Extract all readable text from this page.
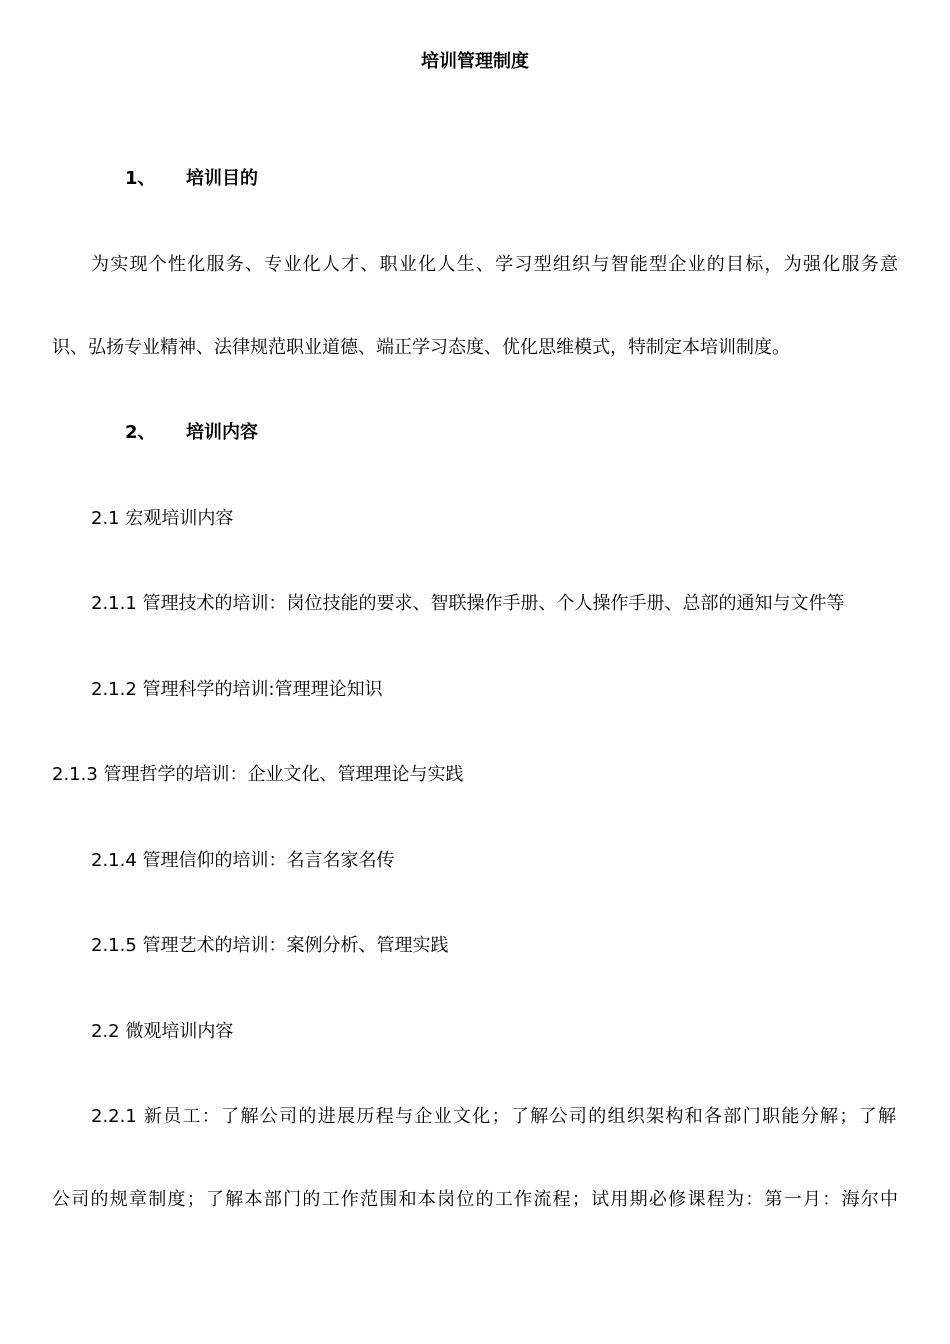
培训管理制度
1、 培训目的
为实现个性化服务、专业化人才、职业化人生、学习型组织与智能型企业的目标，为强化服务意
识、弘扬专业精神、法律规范职业道德、端正学习态度、优化思维模式，特制定本培训制度。
2、 培训内容
2.1 宏观培训内容
2.1.1 管理技术的培训：岗位技能的要求、智联操作手册、个人操作手册、总部的通知与文件等
2.1.2 管理科学的培训:管理理论知识
2.1.3 管理哲学的培训：企业文化、管理理论与实践
2.1.4 管理信仰的培训：名言名家名传
2.1.5 管理艺术的培训：案例分析、管理实践
2.2 微观培训内容
2.2.1 新员工：了解公司的进展历程与企业文化；了解公司的组织架构和各部门职能分解；了解
公司的规章制度；了解本部门的工作范围和本岗位的工作流程；试用期必修课程为：第一月：海尔中
